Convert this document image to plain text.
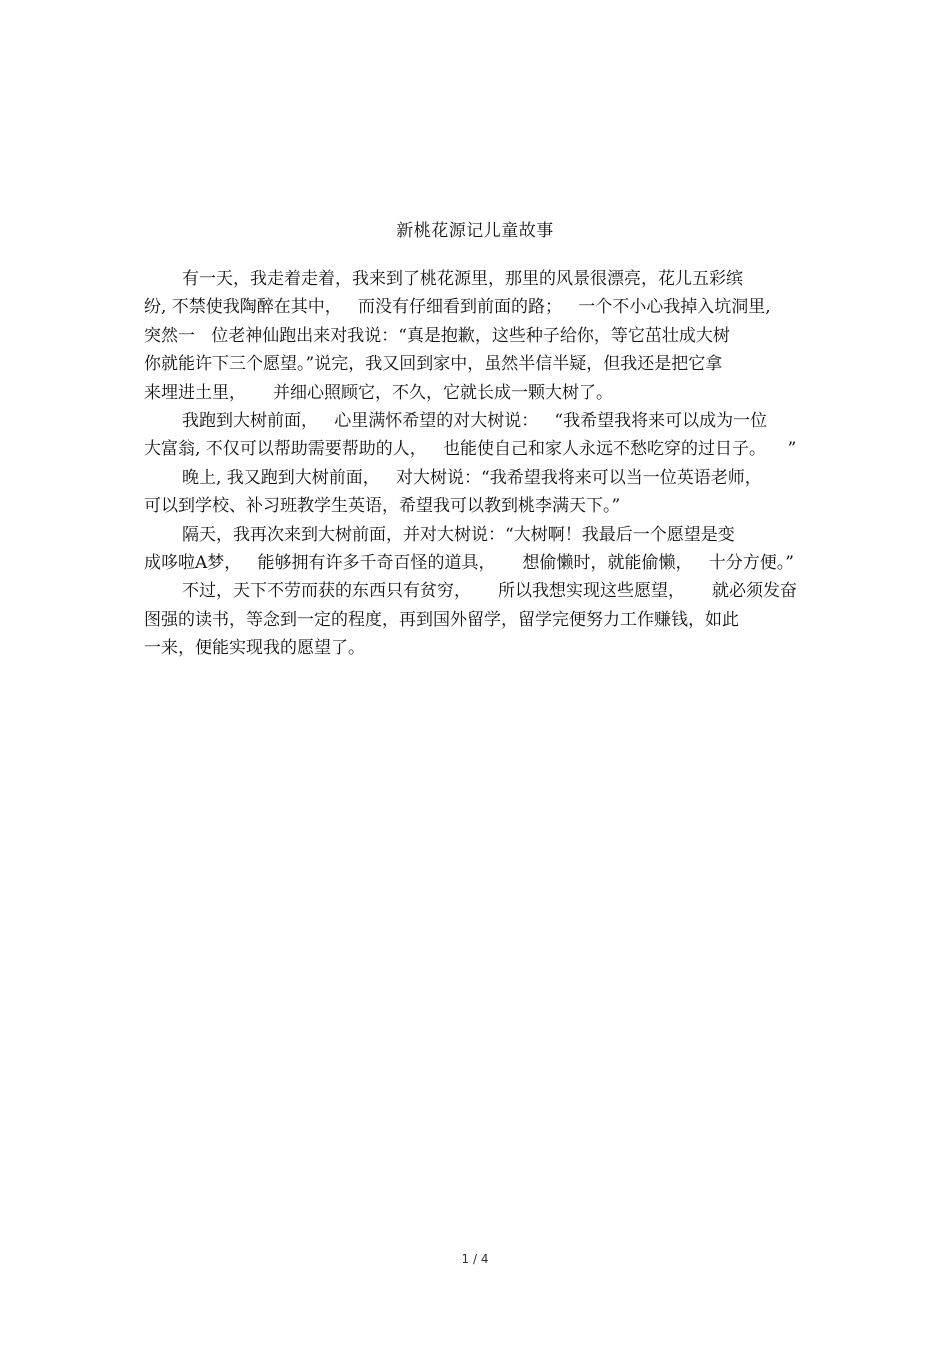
新桃花源记儿童故事

有一天，我走着走着，我来到了桃花源里，那里的风景很漂亮，花儿五彩缤

纷, 不禁使我陶醉在其中，   而没有仔细看到前面的路；   一个不小心我掉入坑洞里,

突然一   位老神仙跑出来对我说：“真是抱歉，这些种子给你，等它茁壮成大树

你就能许下三个愿望。”说完，我又回到家中，虽然半信半疑，但我还是把它拿

来埋进土里，     并细心照顾它，不久，它就长成一颗大树了。

我跑到大树前面，   心里满怀希望的对大树说：   “我希望我将来可以成为一位

大富翁, 不仅可以帮助需要帮助的人，   也能使自己和家人永远不愁吃穿的过日子。    ”

晚上, 我又跑到大树前面，   对大树说：“我希望我将来可以当一位英语老师，

可以到学校、补习班教学生英语，希望我可以教到桃李满天下。”

隔天，我再次来到大树前面，并对大树说：“大树啊！我最后一个愿望是变

成哆啦A梦，   能够拥有许多千奇百怪的道具，     想偷懒时，就能偷懒，   十分方便。”

不过，天下不劳而获的东西只有贫穷，     所以我想实现这些愿望，     就必须发奋

图强的读书，等念到一定的程度，再到国外留学，留学完便努力工作赚钱，如此

一来，便能实现我的愿望了。

1 / 4
